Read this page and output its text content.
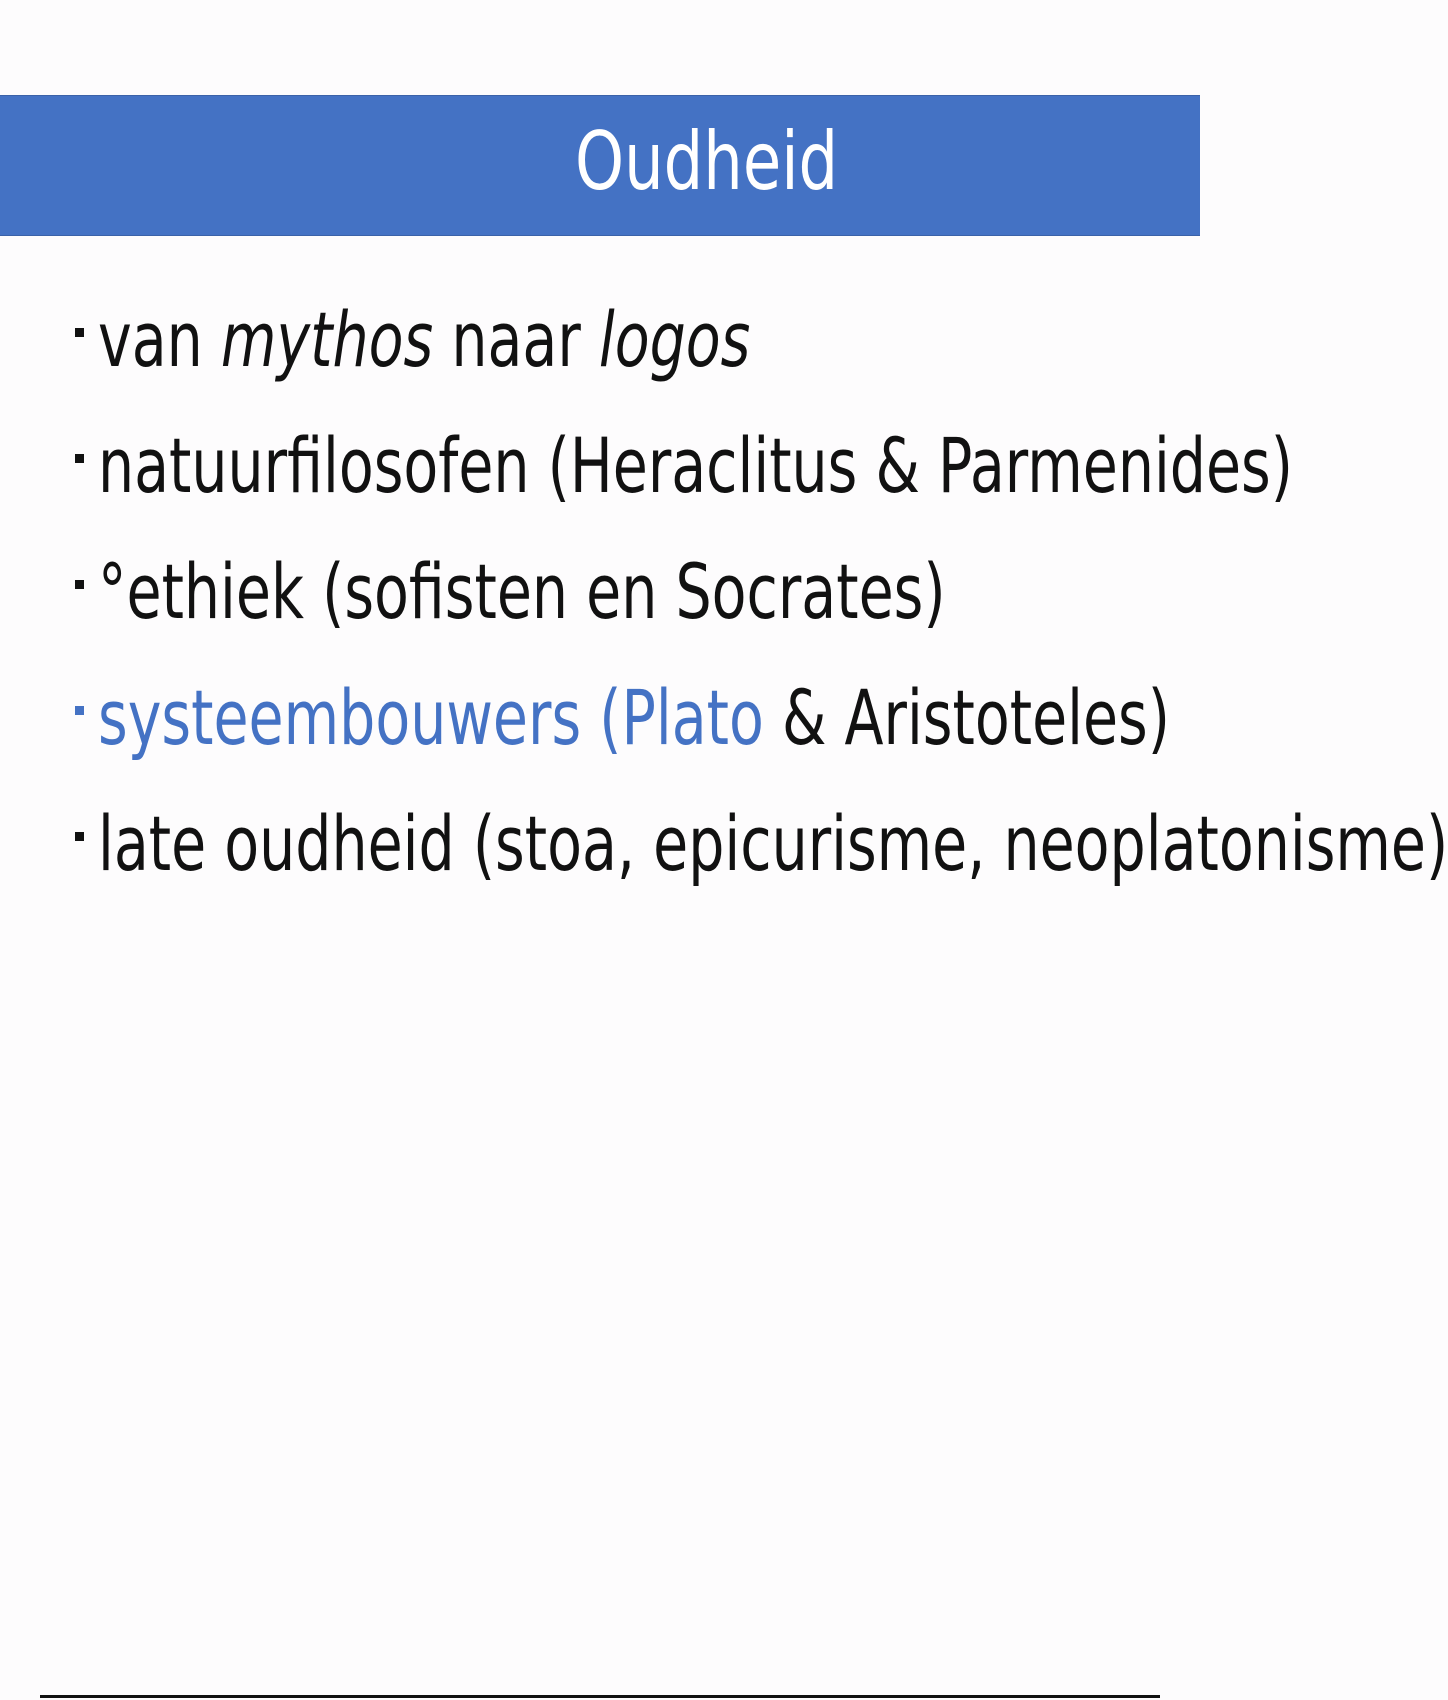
Oudheid
van mythos naar logos
natuurfilosofen (Heraclitus & Parmenides)
°ethiek (sofisten en Socrates)
systeembouwers (Plato & Aristoteles)
late oudheid (stoa, epicurisme, neoplatonisme)
